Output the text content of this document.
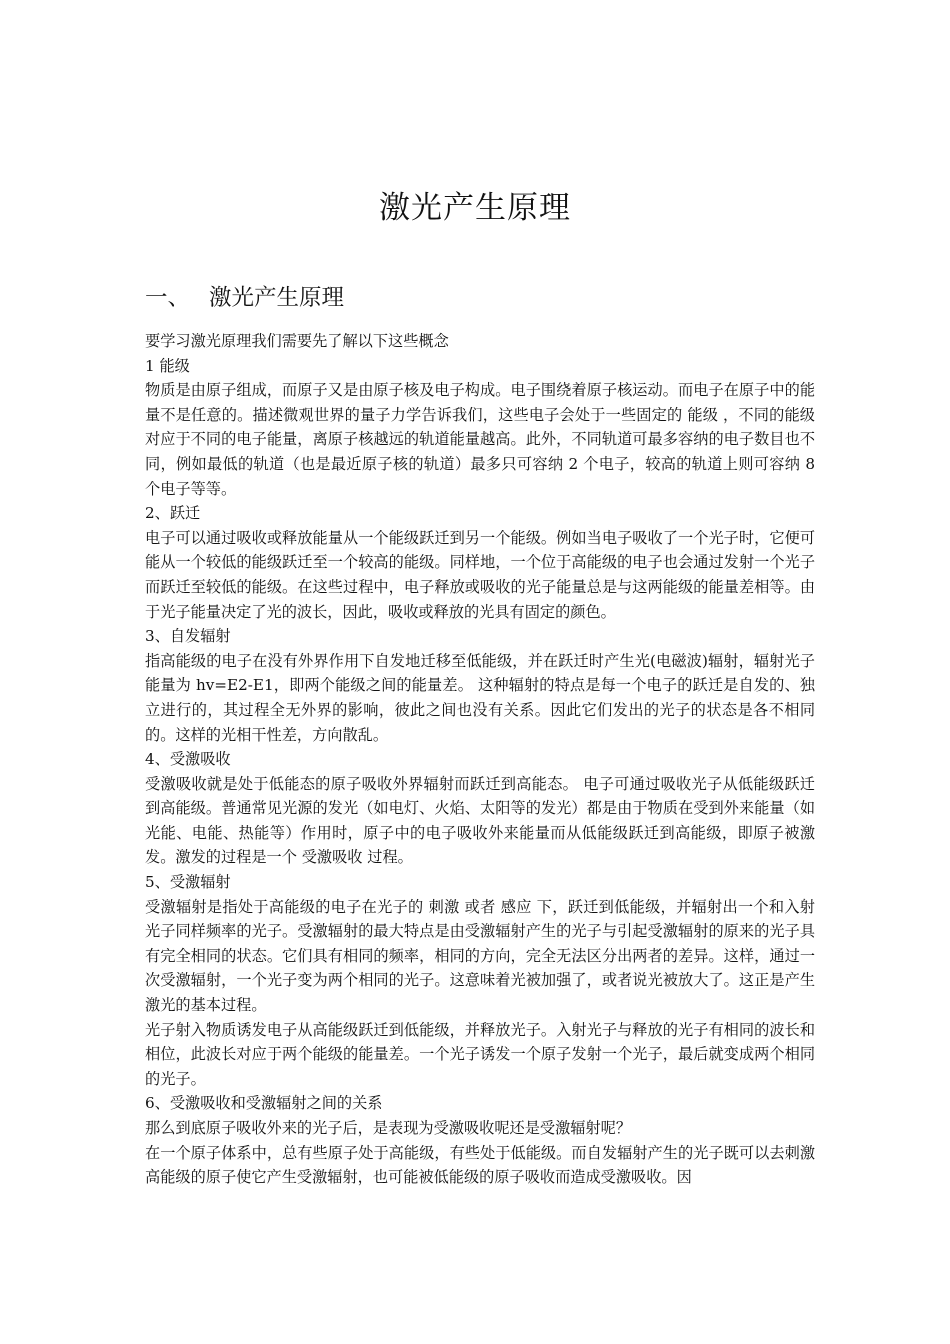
激光产生原理
一、 激光产生原理

要学习激光原理我们需要先了解以下这些概念

1 能级

物质是由原子组成，而原子又是由原子核及电子构成。电子围绕着原子核运动。而电子在原子中的能量不是任意的。描述微观世界的量子力学告诉我们，这些电子会处于一些固定的 能级 ，不同的能级对应于不同的电子能量，离原子核越远的轨道能量越高。此外，不同轨道可最多容纳的电子数目也不同，例如最低的轨道（也是最近原子核的轨道）最多只可容纳 2 个电子，较高的轨道上则可容纳 8 个电子等等。

2、跃迁

电子可以通过吸收或释放能量从一个能级跃迁到另一个能级。例如当电子吸收了一个光子时，它便可能从一个较低的能级跃迁至一个较高的能级。同样地，一个位于高能级的电子也会通过发射一个光子而跃迁至较低的能级。在这些过程中，电子释放或吸收的光子能量总是与这两能级的能量差相等。由于光子能量决定了光的波长，因此，吸收或释放的光具有固定的颜色。

3、自发辐射

指高能级的电子在没有外界作用下自发地迁移至低能级，并在跃迁时产生光(电磁波)辐射，辐射光子能量为 hv=E2-E1，即两个能级之间的能量差。 这种辐射的特点是每一个电子的跃迁是自发的、独立进行的，其过程全无外界的影响，彼此之间也没有关系。因此它们发出的光子的状态是各不相同的。这样的光相干性差，方向散乱。

4、受激吸收

受激吸收就是处于低能态的原子吸收外界辐射而跃迁到高能态。 电子可通过吸收光子从低能级跃迁到高能级。普通常见光源的发光（如电灯、火焰、太阳等的发光）都是由于物质在受到外来能量（如光能、电能、热能等）作用时，原子中的电子吸收外来能量而从低能级跃迁到高能级，即原子被激发。激发的过程是一个 受激吸收 过程。

5、受激辐射

受激辐射是指处于高能级的电子在光子的 刺激 或者 感应 下，跃迁到低能级，并辐射出一个和入射光子同样频率的光子。受激辐射的最大特点是由受激辐射产生的光子与引起受激辐射的原来的光子具有完全相同的状态。它们具有相同的频率，相同的方向，完全无法区分出两者的差异。这样，通过一次受激辐射，一个光子变为两个相同的光子。这意味着光被加强了，或者说光被放大了。这正是产生激光的基本过程。

光子射入物质诱发电子从高能级跃迁到低能级，并释放光子。入射光子与释放的光子有相同的波长和相位，此波长对应于两个能级的能量差。一个光子诱发一个原子发射一个光子，最后就变成两个相同的光子。

6、受激吸收和受激辐射之间的关系

那么到底原子吸收外来的光子后，是表现为受激吸收呢还是受激辐射呢？

在一个原子体系中，总有些原子处于高能级，有些处于低能级。而自发辐射产生的光子既可以去刺激高能级的原子使它产生受激辐射，也可能被低能级的原子吸收而造成受激吸收。因
